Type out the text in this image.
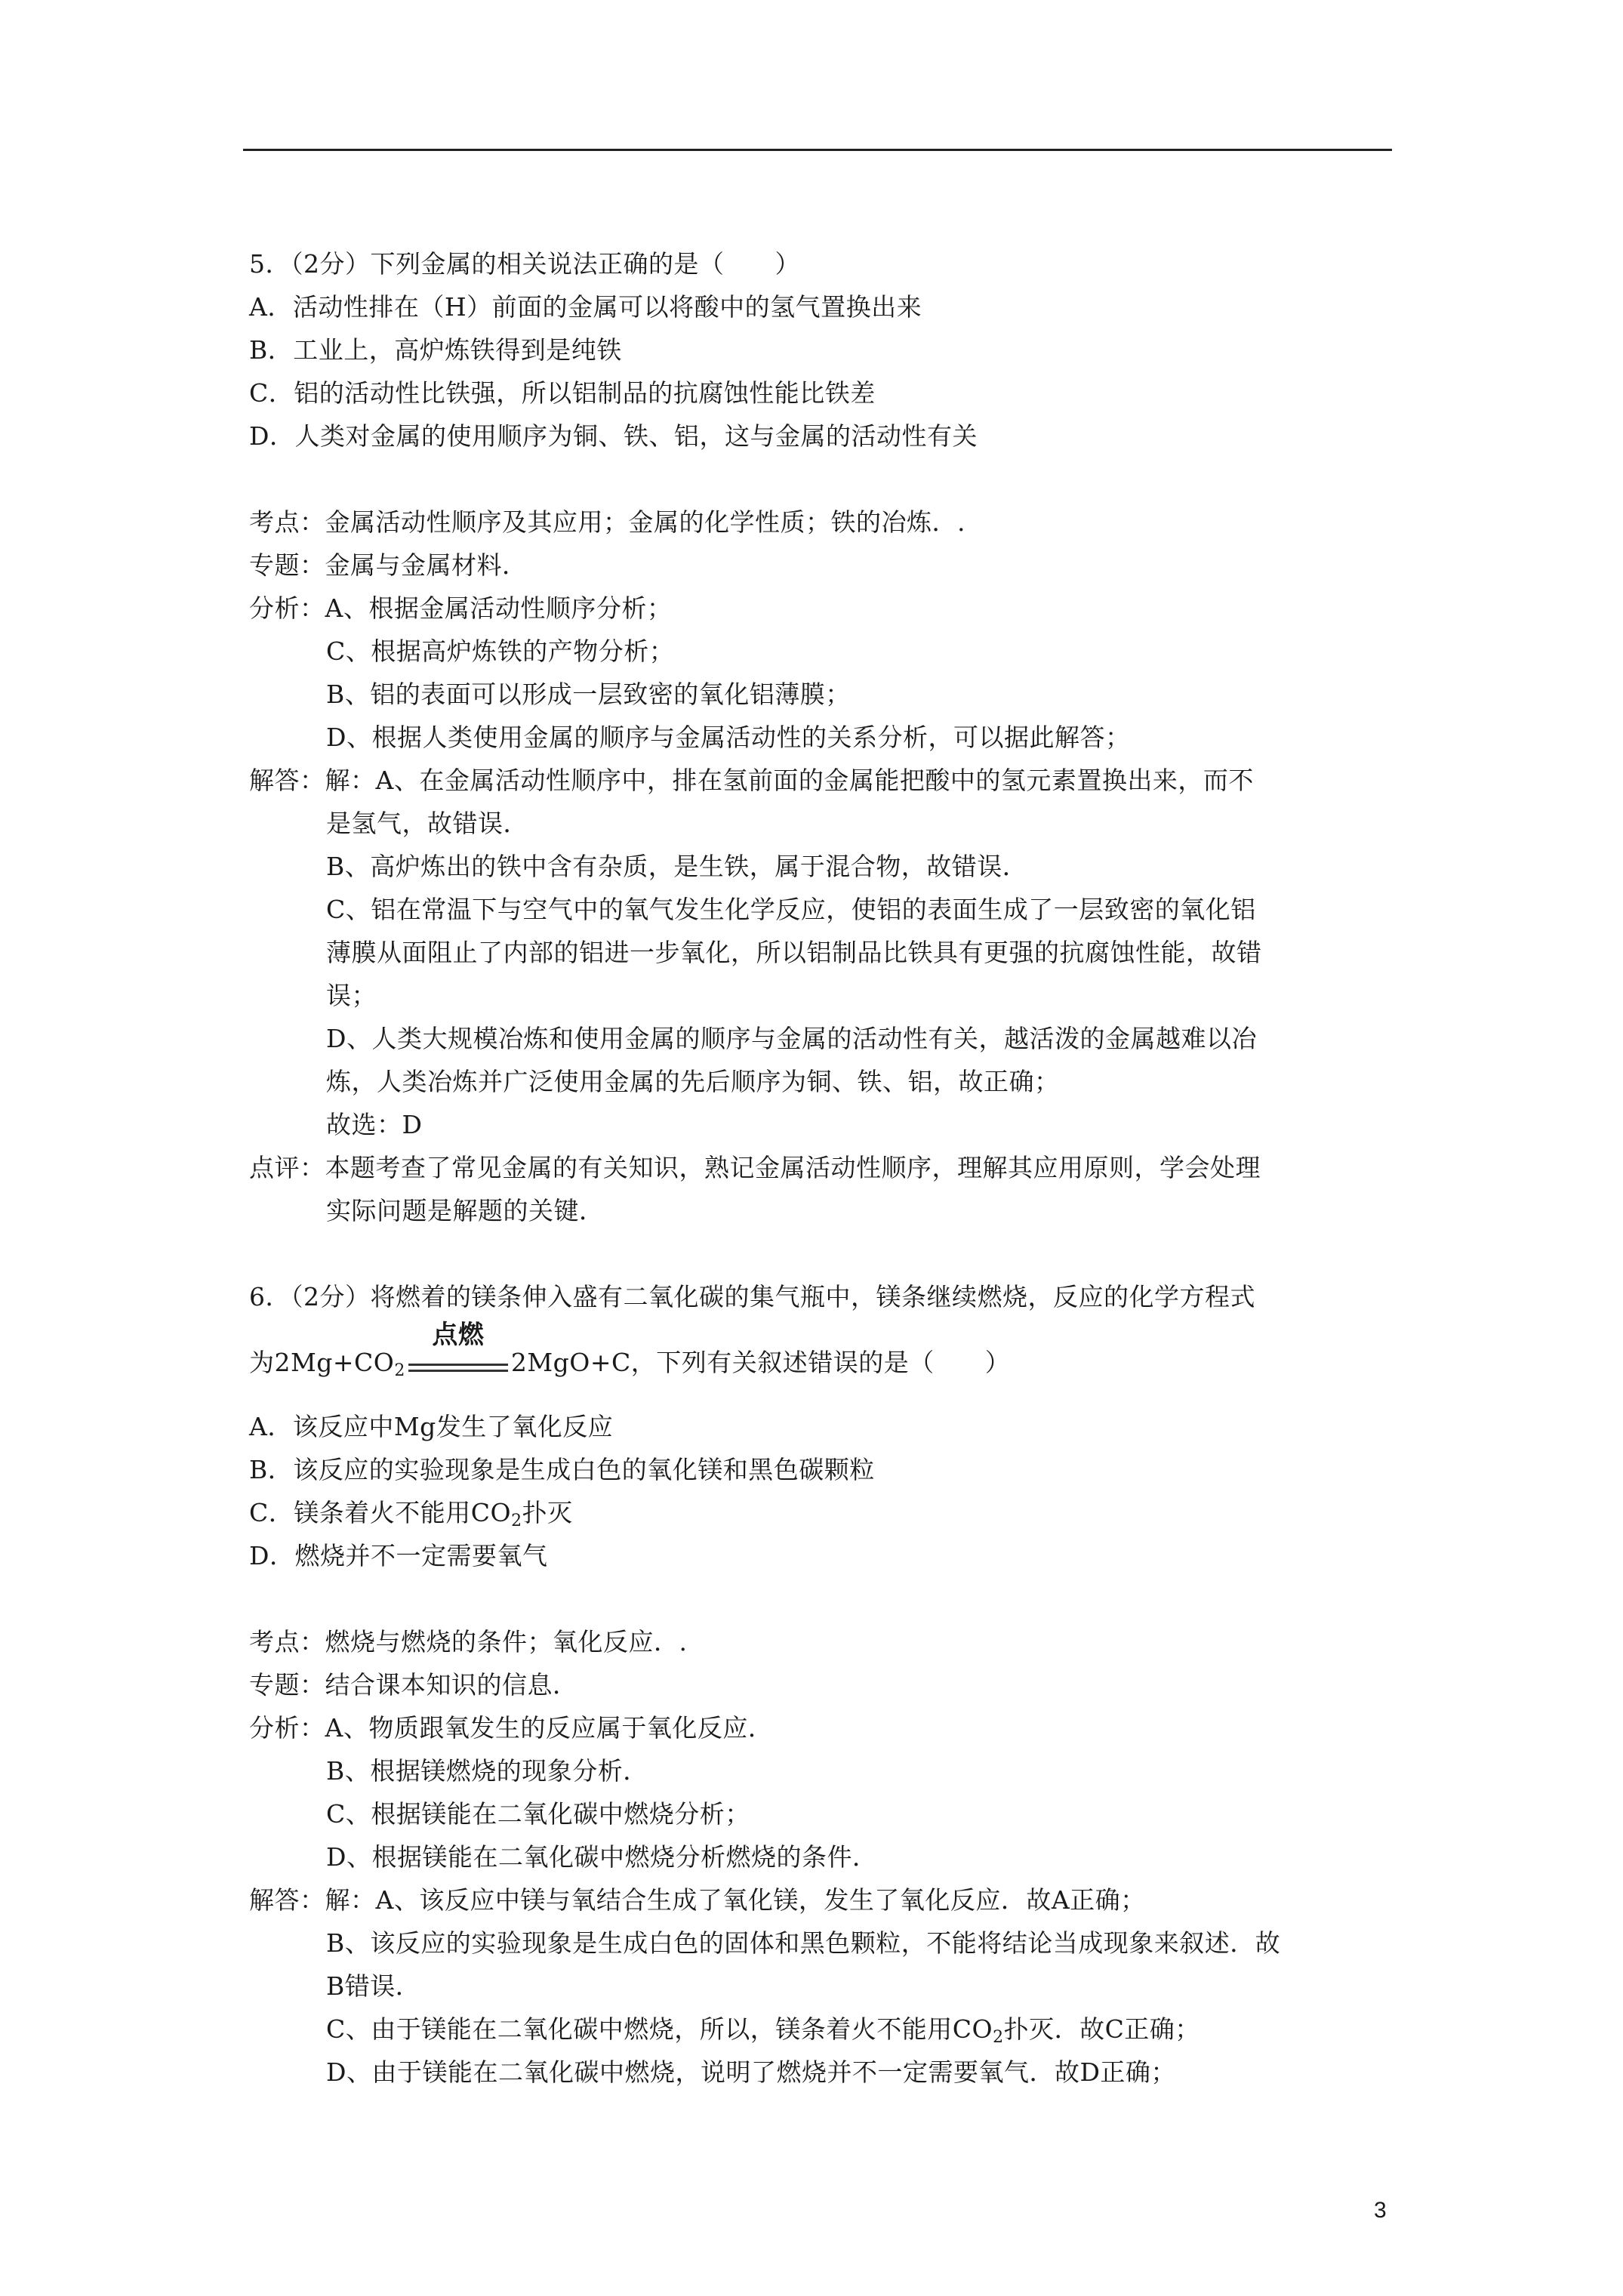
5．（2分）下列金属的相关说法正确的是（　　）
A．活动性排在（H）前面的金属可以将酸中的氢气置换出来
B．工业上，高炉炼铁得到是纯铁
C．铝的活动性比铁强，所以铝制品的抗腐蚀性能比铁差
D．人类对金属的使用顺序为铜、铁、铝，这与金属的活动性有关
考点：金属活动性顺序及其应用；金属的化学性质；铁的冶炼．.
专题：金属与金属材料．
分析：A、根据金属活动性顺序分析；
C、根据高炉炼铁的产物分析；
B、铝的表面可以形成一层致密的氧化铝薄膜；
D、根据人类使用金属的顺序与金属活动性的关系分析，可以据此解答；
解答：解：A、在金属活动性顺序中，排在氢前面的金属能把酸中的氢元素置换出来，而不
是氢气，故错误．
B、高炉炼出的铁中含有杂质，是生铁，属于混合物，故错误．
C、铝在常温下与空气中的氧气发生化学反应，使铝的表面生成了一层致密的氧化铝
薄膜从面阻止了内部的铝进一步氧化，所以铝制品比铁具有更强的抗腐蚀性能，故错
误；
D、人类大规模冶炼和使用金属的顺序与金属的活动性有关，越活泼的金属越难以冶
炼，人类冶炼并广泛使用金属的先后顺序为铜、铁、铝，故正确；
故选：D
点评：本题考查了常见金属的有关知识，熟记金属活动性顺序，理解其应用原则，学会处理
实际问题是解题的关键．
6．（2分）将燃着的镁条伸入盛有二氧化碳的集气瓶中，镁条继续燃烧，反应的化学方程式
为$2Mg+CO_2$
点燃
2MgO+C，下列有关叙述错误的是（　　）
A．该反应中Mg发生了氧化反应
B．该反应的实验现象是生成白色的氧化镁和黑色碳颗粒
C．镁条着火不能用$CO_2$扑灭
D．燃烧并不一定需要氧气
考点：燃烧与燃烧的条件；氧化反应．.
专题：结合课本知识的信息．
分析：A、物质跟氧发生的反应属于氧化反应．
B、根据镁燃烧的现象分析．
C、根据镁能在二氧化碳中燃烧分析；
D、根据镁能在二氧化碳中燃烧分析燃烧的条件．
解答：解：A、该反应中镁与氧结合生成了氧化镁，发生了氧化反应．故A正确；
B、该反应的实验现象是生成白色的固体和黑色颗粒，不能将结论当成现象来叙述．故
B错误．
C、由于镁能在二氧化碳中燃烧，所以，镁条着火不能用$CO_2$扑灭．故C正确；
D、由于镁能在二氧化碳中燃烧，说明了燃烧并不一定需要氧气．故D正确；
3
